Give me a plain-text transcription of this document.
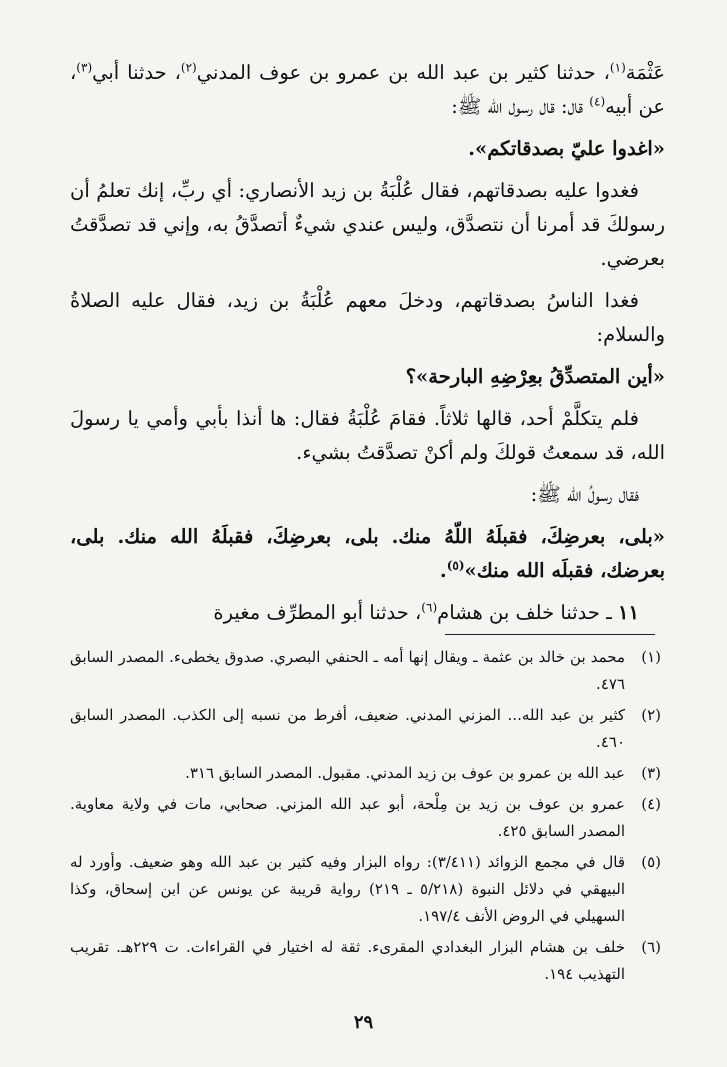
عَثْمَة$^{(١)}$، حدثنا كثير بن عبد الله بن عمرو بن عوف المدني$^{(٢)}$، حدثنا أبي$^{(٣)}$، عن أبيه$^{(٤)}$ قال: قال رسول الله ﷺ:

«اغدوا عليّ بصدقاتكم».

فغدوا عليه بصدقاتهم، فقال عُلْبَةُ بن زيد الأنصاري: أي ربِّ، إنك تعلمُ أن رسولكَ قد أمرنا أن نتصدَّق، وليس عندي شيءٌ أتصدَّقُ به، وإني قد تصدَّقتُ بعرضي.

فغدا الناسُ بصدقاتهم، ودخلَ معهم عُلْبَةُ بن زيد، فقال عليه الصلاةُ والسلام:

«أين المتصدِّقُ بعِرْضِهِ البارحة»؟

فلم يتكلَّمْ أحد، قالها ثلاثاً. فقامَ عُلْبَةُ فقال: ها أنذا بأبي وأمي يا رسولَ الله، قد سمعتُ قولكَ ولم أكنْ تصدَّقتُ بشيء.

فقال رسولُ الله ﷺ:

«بلى، بعرضِكَ، فقبلَهُ اللّهُ منك. بلى، بعرضِكَ، فقبلَهُ الله منك. بلى، بعرضك، فقبلَه الله منك»$^{(٥)}$.

١١ ـ حدثنا خلف بن هشام$^{(٦)}$، حدثنا أبو المطرِّف مغيرة

(١)
محمد بن خالد بن عثمة ـ ويقال إنها أمه ـ الحنفي البصري. صدوق يخطىء. المصدر السابق ٤٧٦.
(٢)
كثير بن عبد الله... المزني المدني. ضعيف، أفرط من نسبه إلى الكذب. المصدر السابق ٤٦٠.
(٣)
عبد الله بن عمرو بن عوف بن زيد المدني. مقبول. المصدر السابق ٣١٦.
(٤)
عمرو بن عوف بن زيد بن مِلْحة، أبو عبد الله المزني. صحابي، مات في ولاية معاوية. المصدر السابق ٤٢٥.
(٥)
قال في مجمع الزوائد (٣/٤١١): رواه البزار وفيه كثير بن عبد الله وهو ضعيف. وأورد له البيهقي في دلائل النبوة (٥/٢١٨ ـ ٢١٩) رواية قريبة عن يونس عن ابن إسحاق، وكذا السهيلي في الروض الأنف ١٩٧/٤.
(٦)
خلف بن هشام البزار البغدادي المقرىء. ثقة له اختيار في القراءات. ت ٢٢٩هـ. تقريب التهذيب ١٩٤.
٢٩
